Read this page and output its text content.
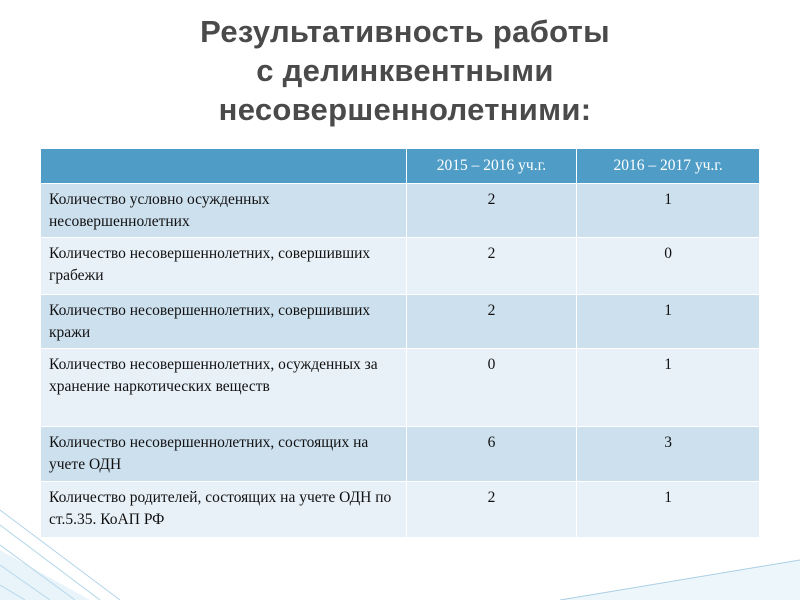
Результативность работы
с делинквентными
несовершеннолетними:
	2015 – 2016 уч.г.	2016 – 2017 уч.г.
Количество условно осужденных несовершеннолетних	2	1
Количество несовершеннолетних, совершивших грабежи	2	0
Количество несовершеннолетних, совершивших кражи	2	1
Количество несовершеннолетних, осужденных за хранение наркотических веществ	0	1
Количество несовершеннолетних, состоящих на учете ОДН	6	3
Количество родителей, состоящих на учете ОДН по ст.5.35. КоАП РФ	2	1
